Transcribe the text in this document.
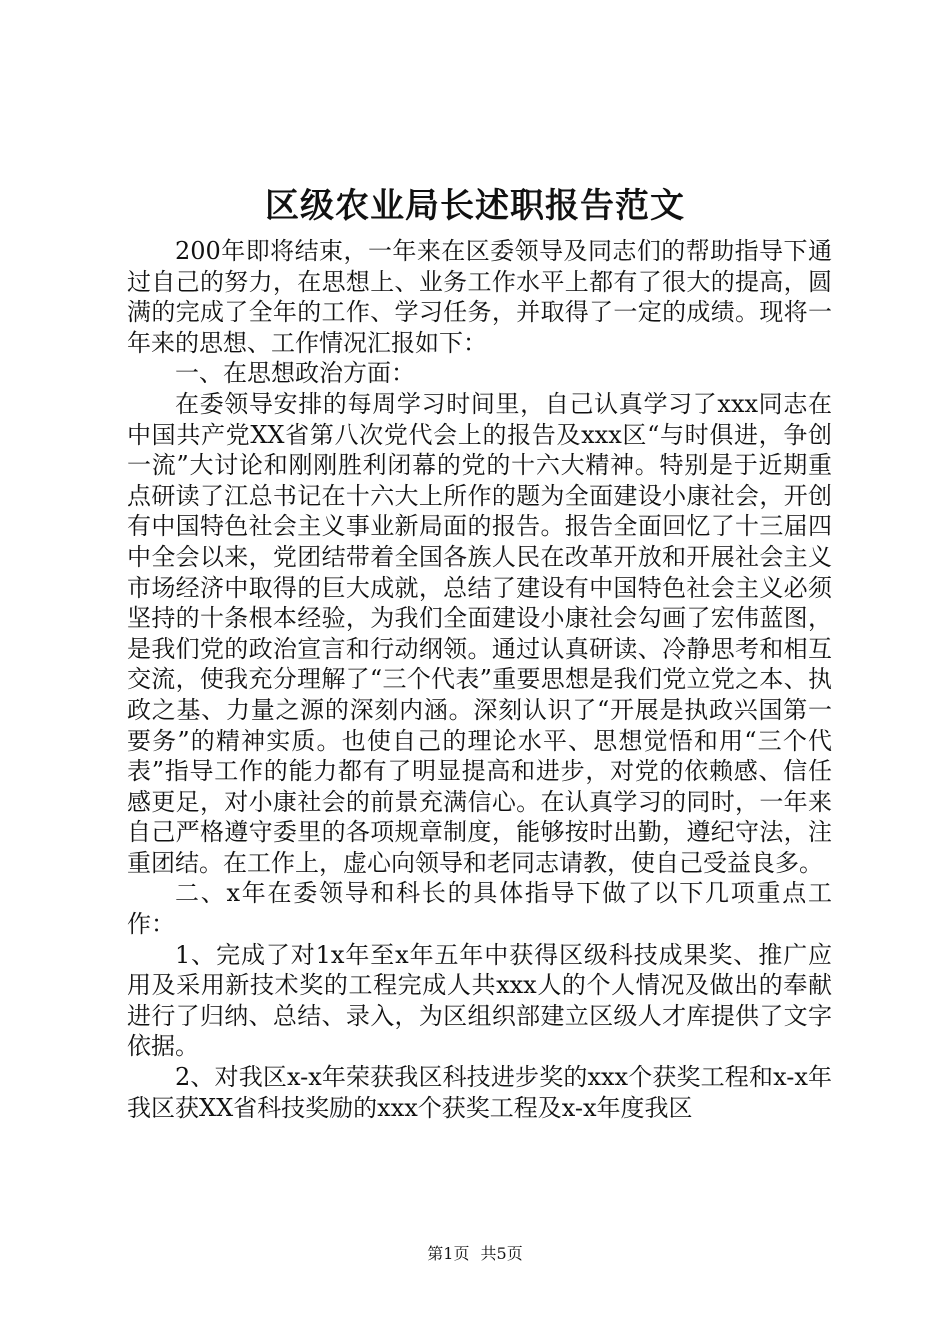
区级农业局长述职报告范文

200年即将结束，一年来在区委领导及同志们的帮助指导下通过自己的努力，在思想上、业务工作水平上都有了很大的提高，圆满的完成了全年的工作、学习任务，并取得了一定的成绩。现将一年来的思想、工作情况汇报如下：

一、在思想政治方面：

在委领导安排的每周学习时间里，自己认真学习了xxx同志在中国共产党XX省第八次党代会上的报告及xxx区“与时俱进，争创一流”大讨论和刚刚胜利闭幕的党的十六大精神。特别是于近期重点研读了江总书记在十六大上所作的题为全面建设小康社会，开创有中国特色社会主义事业新局面的报告。报告全面回忆了十三届四中全会以来，党团结带着全国各族人民在改革开放和开展社会主义市场经济中取得的巨大成就，总结了建设有中国特色社会主义必须坚持的十条根本经验，为我们全面建设小康社会勾画了宏伟蓝图，是我们党的政治宣言和行动纲领。通过认真研读、冷静思考和相互交流，使我充分理解了“三个代表”重要思想是我们党立党之本、执政之基、力量之源的深刻内涵。深刻认识了“开展是执政兴国第一要务”的精神实质。也使自己的理论水平、思想觉悟和用“三个代表”指导工作的能力都有了明显提高和进步，对党的依赖感、信任感更足，对小康社会的前景充满信心。在认真学习的同时，一年来自己严格遵守委里的各项规章制度，能够按时出勤，遵纪守法，注重团结。在工作上，虚心向领导和老同志请教，使自己受益良多。

二、x年在委领导和科长的具体指导下做了以下几项重点工作：

1、完成了对1x年至x年五年中获得区级科技成果奖、推广应用及采用新技术奖的工程完成人共xxx人的个人情况及做出的奉献进行了归纳、总结、录入，为区组织部建立区级人才库提供了文字依据。

2、对我区x-x年荣获我区科技进步奖的xxx个获奖工程和x-x年我区获XX省科技奖励的xxx个获奖工程及x-x年度我区

第1页 共5页
